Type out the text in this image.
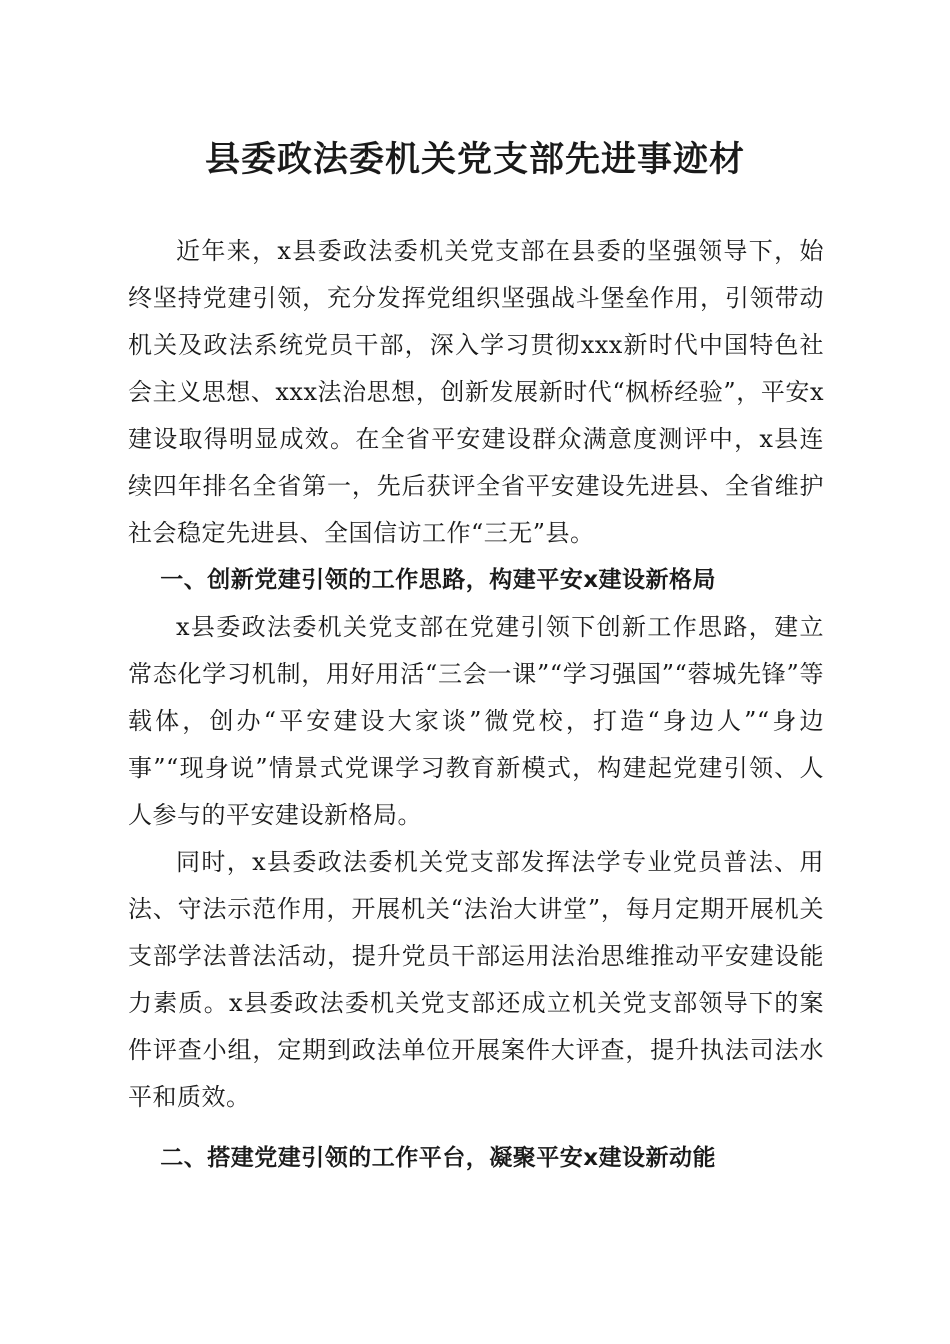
县委政法委机关党支部先进事迹材

近年来，x县委政法委机关党支部在县委的坚强领导下，始终坚持党建引领，充分发挥党组织坚强战斗堡垒作用，引领带动机关及政法系统党员干部，深入学习贯彻xxx新时代中国特色社会主义思想、xxx法治思想，创新发展新时代“枫桥经验”，平安x建设取得明显成效。在全省平安建设群众满意度测评中，x县连续四年排名全省第一，先后获评全省平安建设先进县、全省维护社会稳定先进县、全国信访工作“三无”县。

一、创新党建引领的工作思路，构建平安x建设新格局

x县委政法委机关党支部在党建引领下创新工作思路，建立常态化学习机制，用好用活“三会一课”“学习强国”“蓉城先锋”等载体，创办“平安建设大家谈”微党校，打造“身边人”“身边事”“现身说”情景式党课学习教育新模式，构建起党建引领、人人参与的平安建设新格局。

同时，x县委政法委机关党支部发挥法学专业党员普法、用法、守法示范作用，开展机关“法治大讲堂”，每月定期开展机关支部学法普法活动，提升党员干部运用法治思维推动平安建设能力素质。x县委政法委机关党支部还成立机关党支部领导下的案件评查小组，定期到政法单位开展案件大评查，提升执法司法水平和质效。

二、搭建党建引领的工作平台，凝聚平安x建设新动能
